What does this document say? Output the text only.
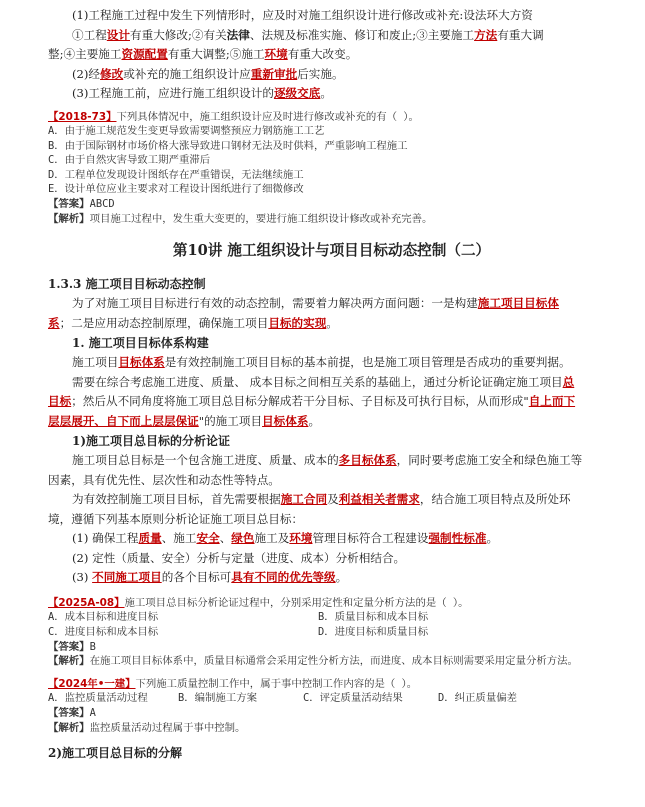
(1)工程施工过程中发生下列情形时，应及时对施工组织设计进行修改或补充:设法环大方资

①工程设计有重大修改;②有关法律、法规及标准实施、修订和废止;③主要施工方法有重大调

整;④主要施工资源配置有重大调整;⑤施工环境有重大改变。

(2)经修改或补充的施工组织设计应重新审批后实施。

(3)工程施工前，应进行施工组织设计的逐级交底。

【2018-73】下列具体情况中，施工组织设计应及时进行修改或补充的有（ ）。

A．由于施工规范发生变更导致需要调整预应力钢筋施工工艺

B．由于国际钢材市场价格大涨导致进口钢材无法及时供料，严重影响工程施工

C．由于自然灾害导致工期严重滞后

D．工程单位发现设计图纸存在严重错误，无法继续施工

E．设计单位应业主要求对工程设计图纸进行了细微修改

【答案】ABCD

【解析】项目施工过程中，发生重大变更的，要进行施工组织设计修改或补充完善。

第10讲 施工组织设计与项目目标动态控制（二）

1.3.3 施工项目目标动态控制

为了对施工项目目标进行有效的动态控制，需要着力解决两方面问题：一是构建施工项目目标体

系；二是应用动态控制原理，确保施工项目目标的实现。

1. 施工项目目标体系构建

施工项目目标体系是有效控制施工项目目标的基本前提，也是施工项目管理是否成功的重要判据。

需要在综合考虑施工进度、质量、 成本目标之间相互关系的基础上，通过分析论证确定施工项目总

目标；然后从不同角度将施工项目总目标分解成若干分目标、子目标及可执行目标，从而形成"自上而下

层层展开、自下而上层层保证"的施工项目目标体系。

1)施工项目总目标的分析论证

施工项目总目标是一个包含施工进度、质量、成本的多目标体系，同时要考虑施工安全和绿色施工等

因素，具有优先性、层次性和动态性等特点。

为有效控制施工项目目标，首先需要根据施工合同及利益相关者需求，结合施工项目特点及所处环

境，遵循下列基本原则分析论证施工项目总目标：

(1) 确保工程质量、施工安全、绿色施工及环境管理目标符合工程建设强制性标准。

(2) 定性（质量、安全）分析与定量（进度、成本）分析相结合。

(3) 不同施工项目的各个目标可具有不同的优先等级。

【2025A-08】施工项目总目标分析论证过程中，分别采用定性和定量分析方法的是（ ）。

A．成本目标和进度目标	B．质量目标和成本目标

C．进度目标和成本目标	D．进度目标和质量目标

【答案】B

【解析】在施工项目目标体系中，质量目标通常会采用定性分析方法，而进度、成本目标则需要采用定量分析方法。

【2024年•一建】下列施工质量控制工作中，属于事中控制工作内容的是（ ）。

A．监控质量活动过程	B．编制施工方案	C．评定质量活动结果	D．纠正质量偏差

【答案】A

【解析】监控质量活动过程属于事中控制。

2)施工项目总目标的分解
